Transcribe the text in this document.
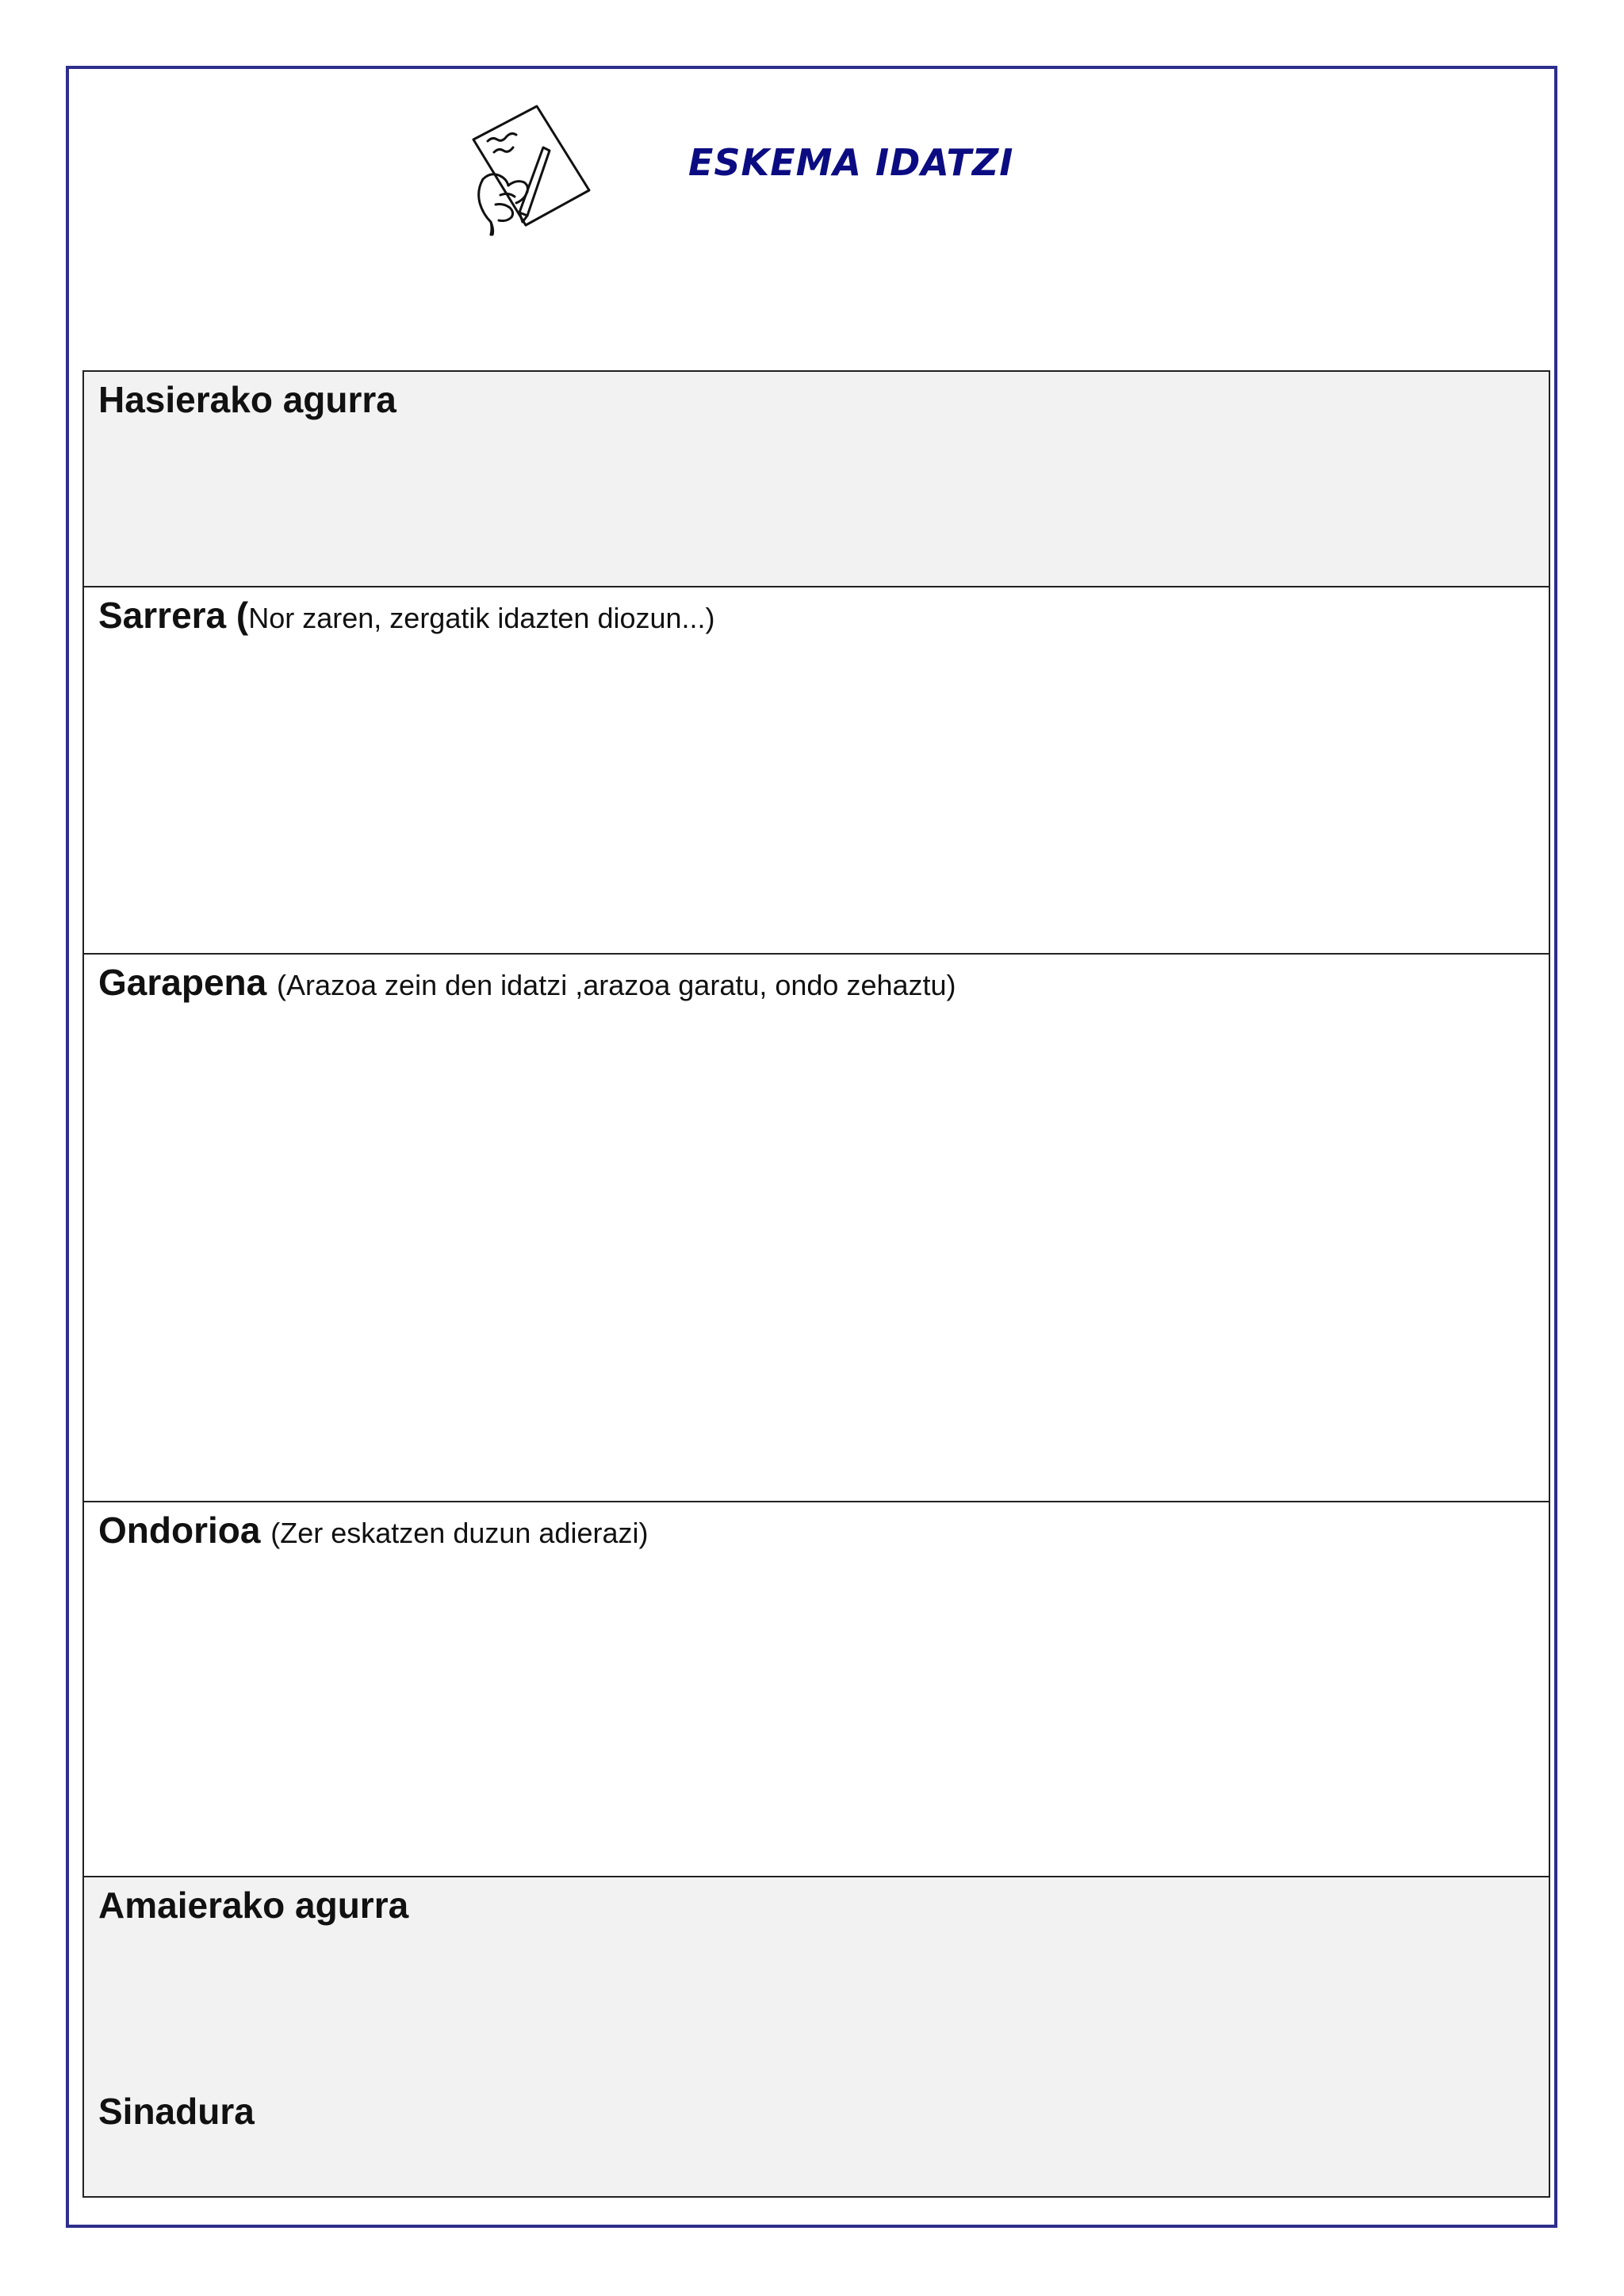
ESKEMA IDATZI
Hasierako agurra
Sarrera (Nor zaren, zergatik idazten diozun...)
Garapena (Arazoa zein den idatzi ,arazoa garatu, ondo zehaztu)
Ondorioa (Zer eskatzen duzun adierazi)
Amaierako agurra
Sinadura
